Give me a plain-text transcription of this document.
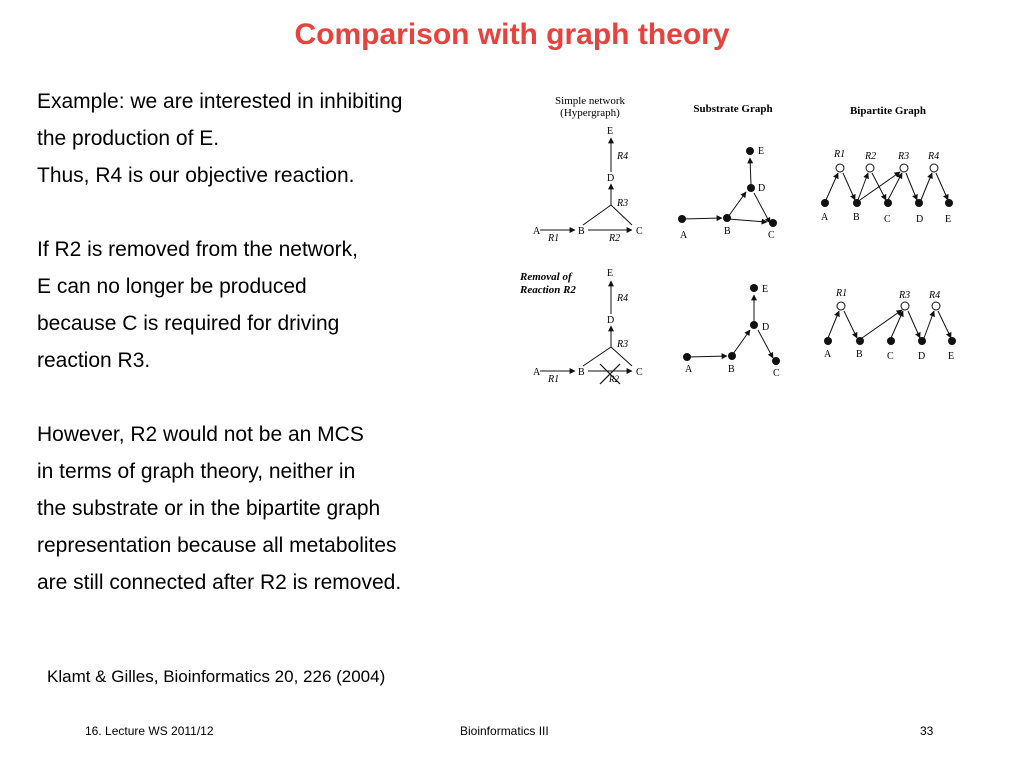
Comparison with graph theory
Example: we are interested in inhibiting
the production of E.
Thus, R4 is our objective reaction.
If R2 is removed from the network,
E can no longer be produced
because C is required for driving
reaction R3.
However, R2 would not be an MCS
in terms of graph theory, neither in
the substrate or in the bipartite graph
representation because all metabolites
are still connected after R2 is removed.
Simple network
(Hypergraph)	Substrate Graph	Bipartite Graph
Removal of
Reaction R2
A	B	C
D
E
R1	R2
R3
R4
A	B	C
D
E	R1 R2 R3 R4
A B C	D E
A	B	C
D
E
R1	R2
R3
R4
A	B	C
D
E	R1	R3 R4
A B C D E
Klamt & Gilles, Bioinformatics 20, 226 (2004)
16. Lecture WS 2011/12	Bioinformatics III	33
